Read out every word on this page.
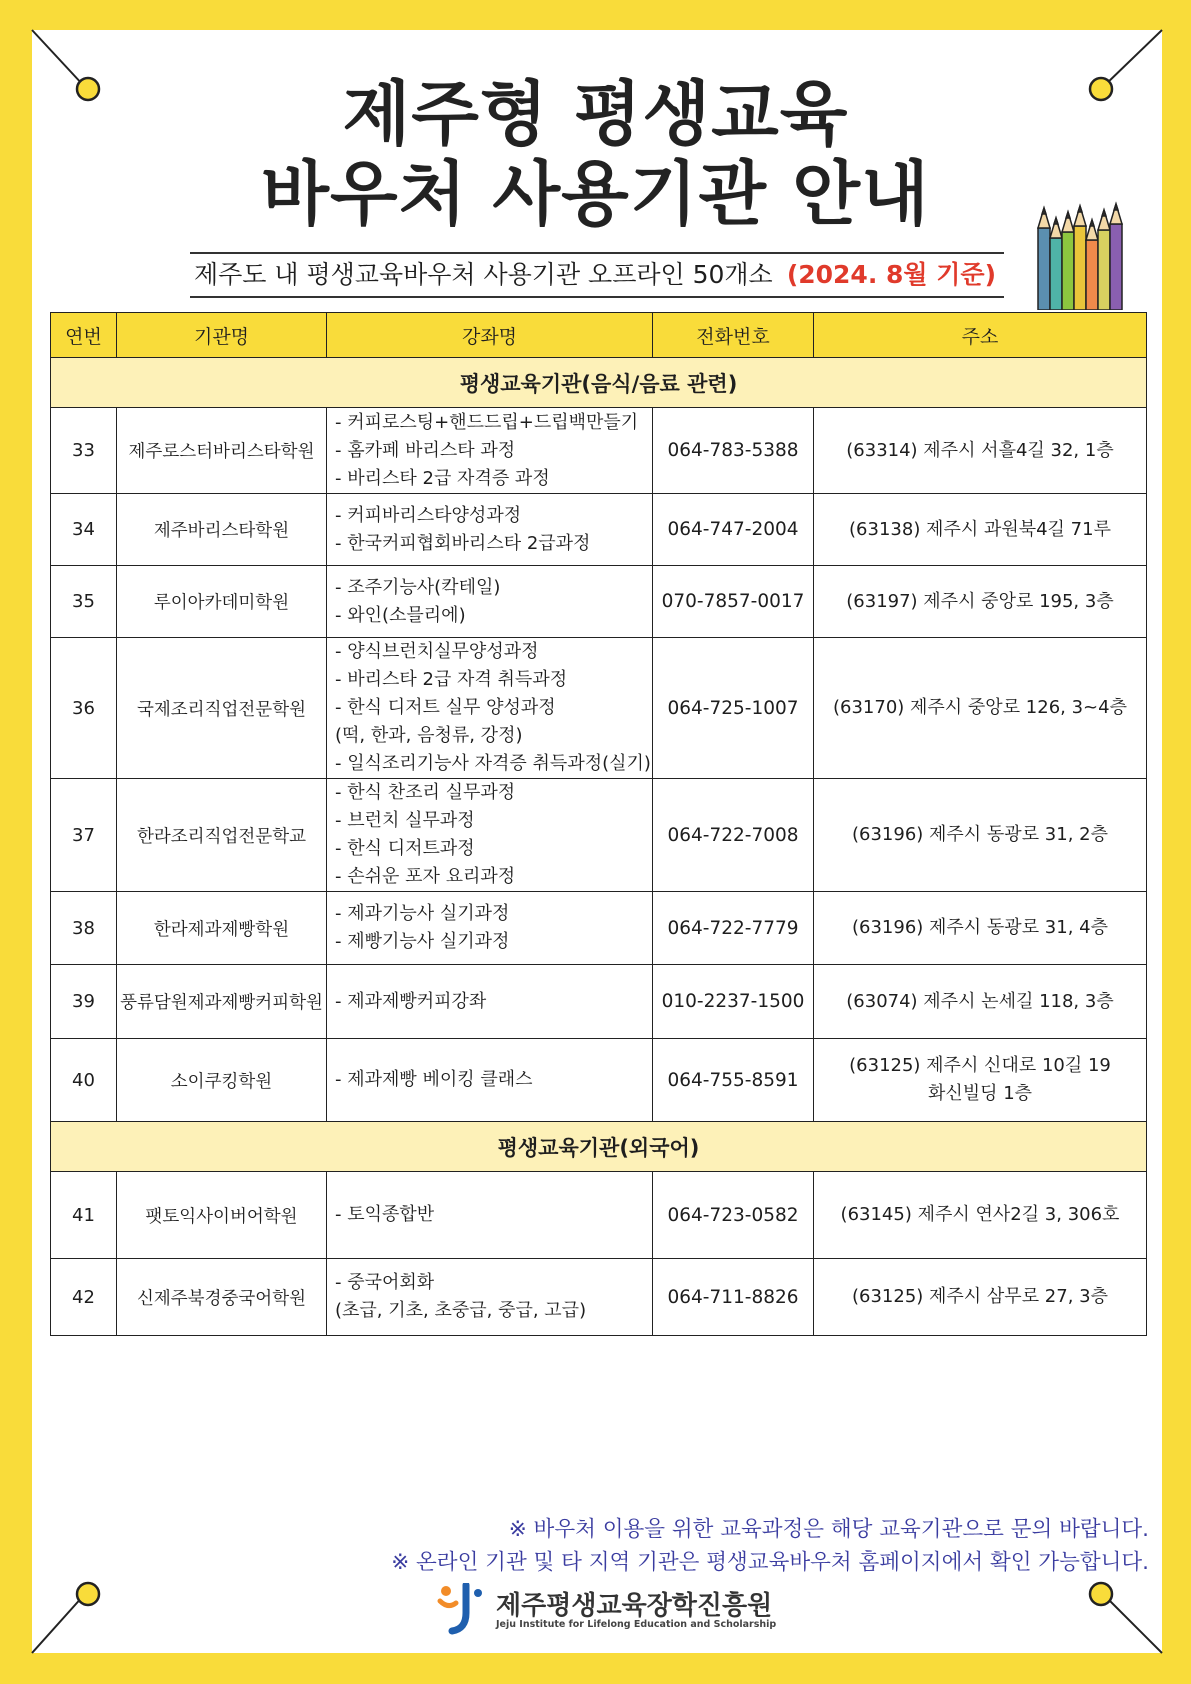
제주형 평생교육
바우처 사용기관 안내
제주도 내 평생교육바우처 사용기관 오프라인 50개소 (2024. 8월 기준)
연번	기관명	강좌명	전화번호	주소
평생교육기관(음식/음료 관련)				
33	제주로스터바리스타학원	- 커피로스팅+핸드드립+드립백만들기
- 홈카페 바리스타 과정
- 바리스타 2급 자격증 과정	064-783-5388	(63314) 제주시 서흘4길 32, 1층

34	제주바리스타학원	- 커피바리스타양성과정
- 한국커피협회바리스타 2급과정	064-747-2004	(63138) 제주시 과원북4길 71루

35	루이아카데미학원	- 조주기능사(칵테일)
- 와인(소믈리에)	070-7857-0017	(63197) 제주시 중앙로 195, 3층

36	국제조리직업전문학원	- 양식브런치실무양성과정
- 바리스타 2급 자격 취득과정
- 한식 디저트 실무 양성과정
(떡, 한과, 음청류, 강정)
- 일식조리기능사 자격증 취득과정(실기)	064-725-1007	(63170) 제주시 중앙로 126, 3~4층

37	한라조리직업전문학교	- 한식 찬조리 실무과정
- 브런치 실무과정
- 한식 디저트과정
- 손쉬운 포자 요리과정	064-722-7008	(63196) 제주시 동광로 31, 2층

38	한라제과제빵학원	- 제과기능사 실기과정
- 제빵기능사 실기과정	064-722-7779	(63196) 제주시 동광로 31, 4층

39	풍류담원제과제빵커피학원	- 제과제빵커피강좌	010-2237-1500	(63074) 제주시 논세길 118, 3층

40	소이쿠킹학원	- 제과제빵 베이킹 클래스	064-755-8591	(63125) 제주시 신대로 10길 19
화신빌딩 1층

평생교육기관(외국어)				
41	팻토익사이버어학원	- 토익종합반	064-723-0582	(63145) 제주시 연사2길 3, 306호

42	신제주북경중국어학원	- 중국어회화
(초급, 기초, 초중급, 중급, 고급)	064-711-8826	(63125) 제주시 삼무로 27, 3층
※ 바우처 이용을 위한 교육과정은 해당 교육기관으로 문의 바랍니다.
※ 온라인 기관 및 타 지역 기관은 평생교육바우처 홈페이지에서 확인 가능합니다.
제주평생교육장학진흥원
Jeju Institute for Lifelong Education and Scholarship
